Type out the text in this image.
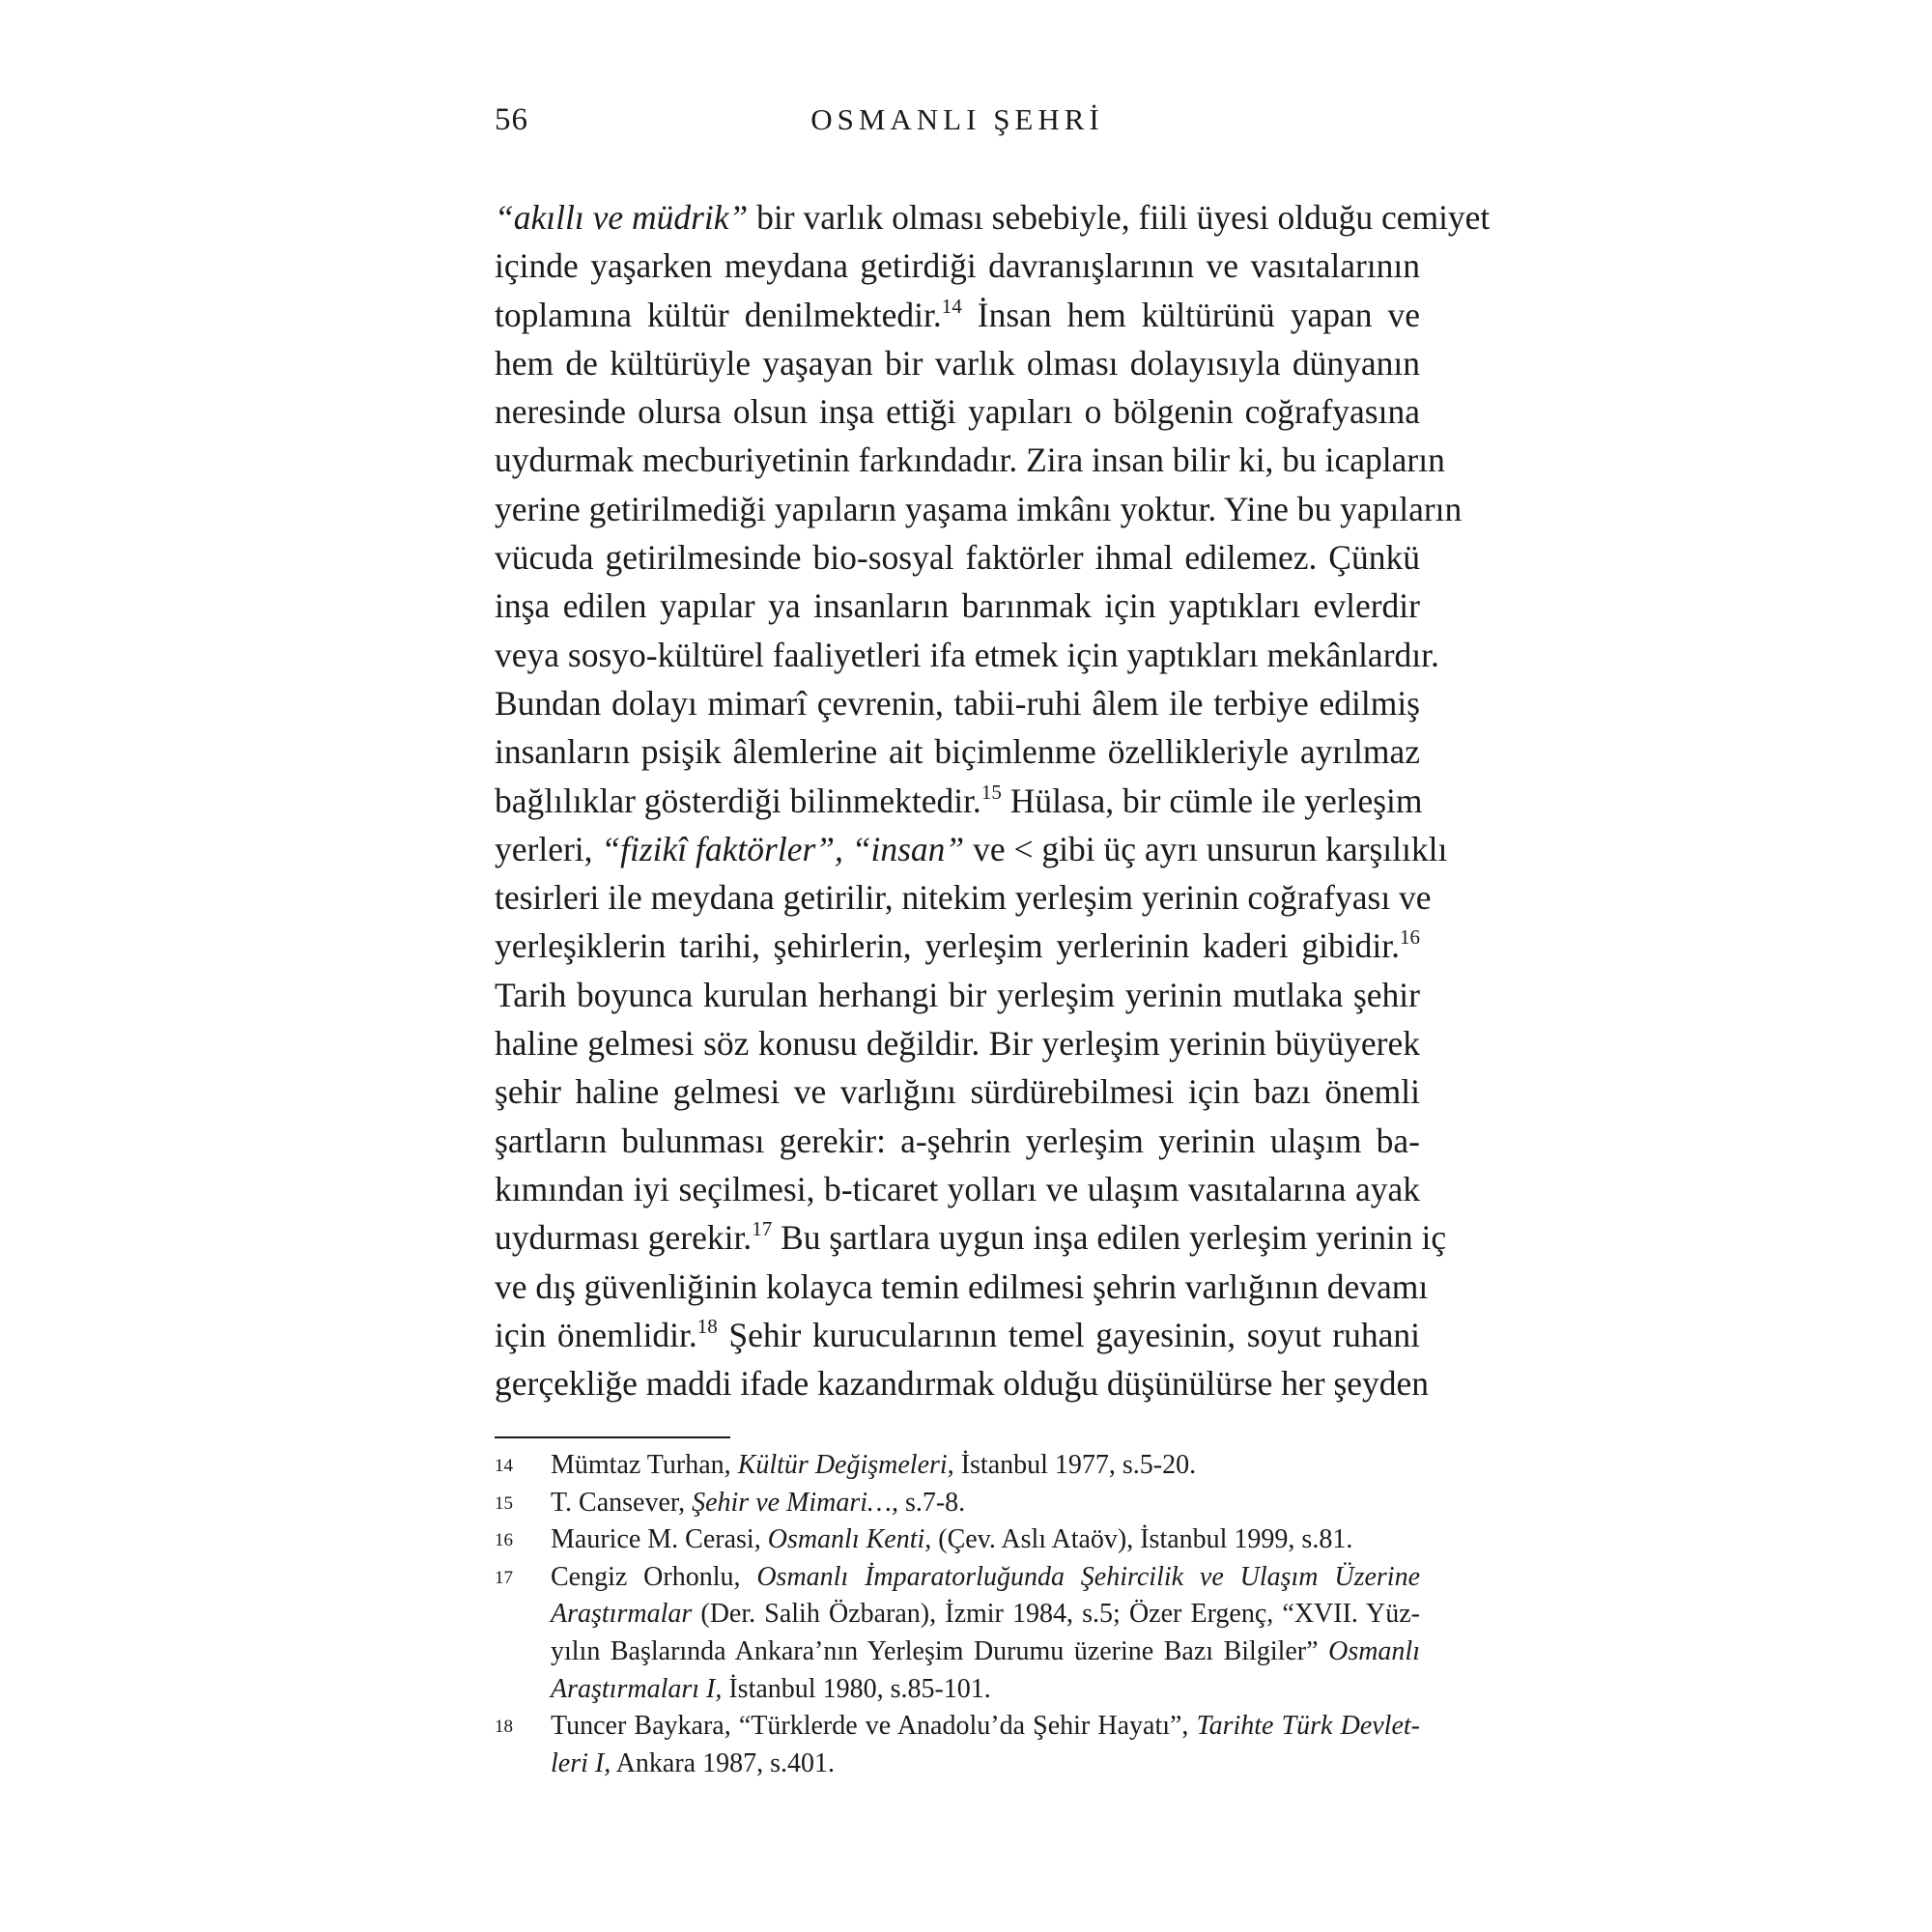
56	OSMANLI ŞEHRİ
“akıllı ve müdrik” bir varlık olması sebebiyle, fiili üyesi olduğu cemiyet
içinde yaşarken meydana getirdiği davranışlarının ve vasıtalarının
toplamına kültür denilmektedir.$^{14}$ İnsan hem kültürünü yapan ve
hem de kültürüyle yaşayan bir varlık olması dolayısıyla dünyanın
neresinde olursa olsun inşa ettiği yapıları o bölgenin coğrafyasına
uydurmak mecburiyetinin farkındadır. Zira insan bilir ki, bu icapların
yerine getirilmediği yapıların yaşama imkânı yoktur. Yine bu yapıların
vücuda getirilmesinde bio-sosyal faktörler ihmal edilemez. Çünkü
inşa edilen yapılar ya insanların barınmak için yaptıkları evlerdir
veya sosyo-kültürel faaliyetleri ifa etmek için yaptıkları mekânlardır.
Bundan dolayı mimarî çevrenin, tabii-ruhi âlem ile terbiye edilmiş
insanların psişik âlemlerine ait biçimlenme özellikleriyle ayrılmaz
bağlılıklar gösterdiği bilinmektedir.$^{15}$ Hülasa, bir cümle ile yerleşim
yerleri, “fizikî faktörler”, “insan” ve < gibi üç ayrı unsurun karşılıklı
tesirleri ile meydana getirilir, nitekim yerleşim yerinin coğrafyası ve
yerleşiklerin tarihi, şehirlerin, yerleşim yerlerinin kaderi gibidir.$^{16}$
Tarih boyunca kurulan herhangi bir yerleşim yerinin mutlaka şehir
haline gelmesi söz konusu değildir. Bir yerleşim yerinin büyüyerek
şehir haline gelmesi ve varlığını sürdürebilmesi için bazı önemli
şartların bulunması gerekir: a-şehrin yerleşim yerinin ulaşım ba-
kımından iyi seçilmesi, b-ticaret yolları ve ulaşım vasıtalarına ayak
uydurması gerekir.$^{17}$ Bu şartlara uygun inşa edilen yerleşim yerinin iç
ve dış güvenliğinin kolayca temin edilmesi şehrin varlığının devamı
için önemlidir.$^{18}$ Şehir kurucularının temel gayesinin, soyut ruhani
gerçekliğe maddi ifade kazandırmak olduğu düşünülürse her şeyden
14 Mümtaz Turhan, Kültür Değişmeleri, İstanbul 1977, s.5-20.
15 T. Cansever, Şehir ve Mimari…, s.7-8.
16 Maurice M. Cerasi, Osmanlı Kenti, (Çev. Aslı Ataöv), İstanbul 1999, s.81.
17 Cengiz Orhonlu, Osmanlı İmparatorluğunda Şehircilik ve Ulaşım Üzerine
Araştırmalar (Der. Salih Özbaran), İzmir 1984, s.5; Özer Ergenç, “XVII. Yüz-
yılın Başlarında Ankara’nın Yerleşim Durumu üzerine Bazı Bilgiler” Osmanlı
Araştırmaları I, İstanbul 1980, s.85-101.
18 Tuncer Baykara, “Türklerde ve Anadolu’da Şehir Hayatı”, Tarihte Türk Devlet-
leri I, Ankara 1987, s.401.
